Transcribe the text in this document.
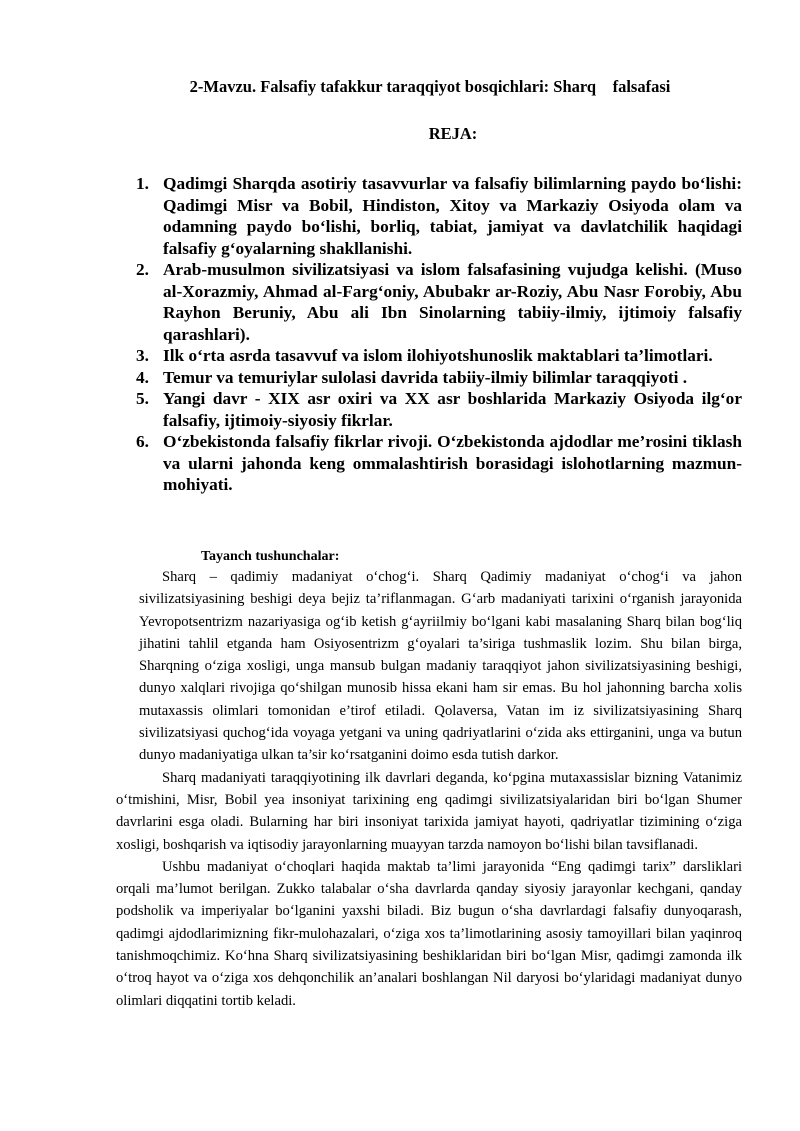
2-Mavzu. Falsafiy tafakkur taraqqiyot bosqichlari: Sharq    falsafasi
REJA:
1. Qadimgi Sharqda asotiriy tasavvurlar va falsafiy bilimlarning paydo bo‘lishi: Qadimgi Misr va Bobil, Hindiston, Xitoy va Markaziy Osiyoda olam va odamning paydo bo‘lishi, borliq, tabiat, jamiyat va davlatchilik haqidagi falsafiy g‘oyalarning shakllanishi.
2. Arab-musulmon sivilizatsiyasi va islom falsafasining vujudga kelishi. (Muso al-Xorazmiy, Ahmad al-Farg‘oniy, Abubakr ar-Roziy, Abu Nasr Forobiy, Abu Rayhon Beruniy, Abu ali Ibn Sinolarning tabiiy-ilmiy, ijtimoiy falsafiy qarashlari).
3. Ilk o‘rta asrda tasavvuf va islom ilohiyotshunoslik maktablari ta’limotlari.
4. Temur va temuriylar sulolasi davrida tabiiy-ilmiy bilimlar taraqqiyoti .
5. Yangi davr - XIX asr oxiri va XX asr boshlarida Markaziy Osiyoda ilg‘or falsafiy, ijtimoiy-siyosiy fikrlar.
6. O‘zbekistonda falsafiy fikrlar rivoji. O‘zbekistonda ajdodlar me’rosini tiklash va ularni jahonda keng ommalashtirish borasidagi islohotlarning mazmun-mohiyati.
Tayanch tushunchalar:

Sharq – qadimiy madaniyat o‘chog‘i. Sharq Qadimiy madaniyat o‘chog‘i va jahon sivilizatsiyasining beshigi deya bejiz ta’riflanmagan. G‘arb madaniyati tarixini o‘rganish jarayonida Yevropotsentrizm nazariyasiga og‘ib ketish g‘ayriilmiy bo‘lgani kabi masalaning Sharq bilan bog‘liq jihatini tahlil etganda ham Osiyosentrizm g‘oyalari ta’siriga tushmaslik lozim. Shu bilan birga, Sharqning o‘ziga xosligi, unga mansub bulgan madaniy taraqqiyot jahon sivilizatsiyasining beshigi, dunyo xalqlari rivojiga qo‘shilgan munosib hissa ekani ham sir emas. Bu hol jahonning barcha xolis mutaxassis olimlari tomonidan e’tirof etiladi. Qolaversa, Vatan im iz sivilizatsiyasining Sharq sivilizatsiyasi quchog‘ida voyaga yetgani va uning qadriyatlarini o‘zida aks ettirganini, unga va butun dunyo madaniyatiga ulkan ta’sir ko‘rsatganini doimo esda tutish darkor.

Sharq madaniyati taraqqiyotining ilk davrlari deganda, ko‘pgina mutaxassislar bizning Vatanimiz o‘tmishini, Misr, Bobil yea insoniyat tarixining eng qadimgi sivilizatsiyalaridan biri bo‘lgan Shumer davrlarini esga oladi. Bularning har biri insoniyat tarixida jamiyat hayoti, qadriyatlar tizimining o‘ziga xosligi, boshqarish va iqtisodiy jarayonlarning muayyan tarzda namoyon bo‘lishi bilan tavsiflanadi.

Ushbu madaniyat o‘choqlari haqida maktab ta’limi jarayonida “Eng qadimgi tarix” darsliklari orqali ma’lumot berilgan. Zukko talabalar o‘sha davrlarda qanday siyosiy jarayonlar kechgani, qanday podsholik va imperiyalar bo‘lganini yaxshi biladi. Biz bugun o‘sha davrlardagi falsafiy dunyoqarash, qadimgi ajdodlarimizning fikr-mulohazalari, o‘ziga xos ta’limotlarining asosiy tamoyillari bilan yaqinroq tanishmoqchimiz. Ko‘hna Sharq sivilizatsiyasining beshiklaridan biri bo‘lgan Misr, qadimgi zamonda ilk o‘troq hayot va o‘ziga xos dehqonchilik an’analari boshlangan Nil daryosi bo‘ylaridagi madaniyat dunyo olimlari diqqatini tortib keladi.
